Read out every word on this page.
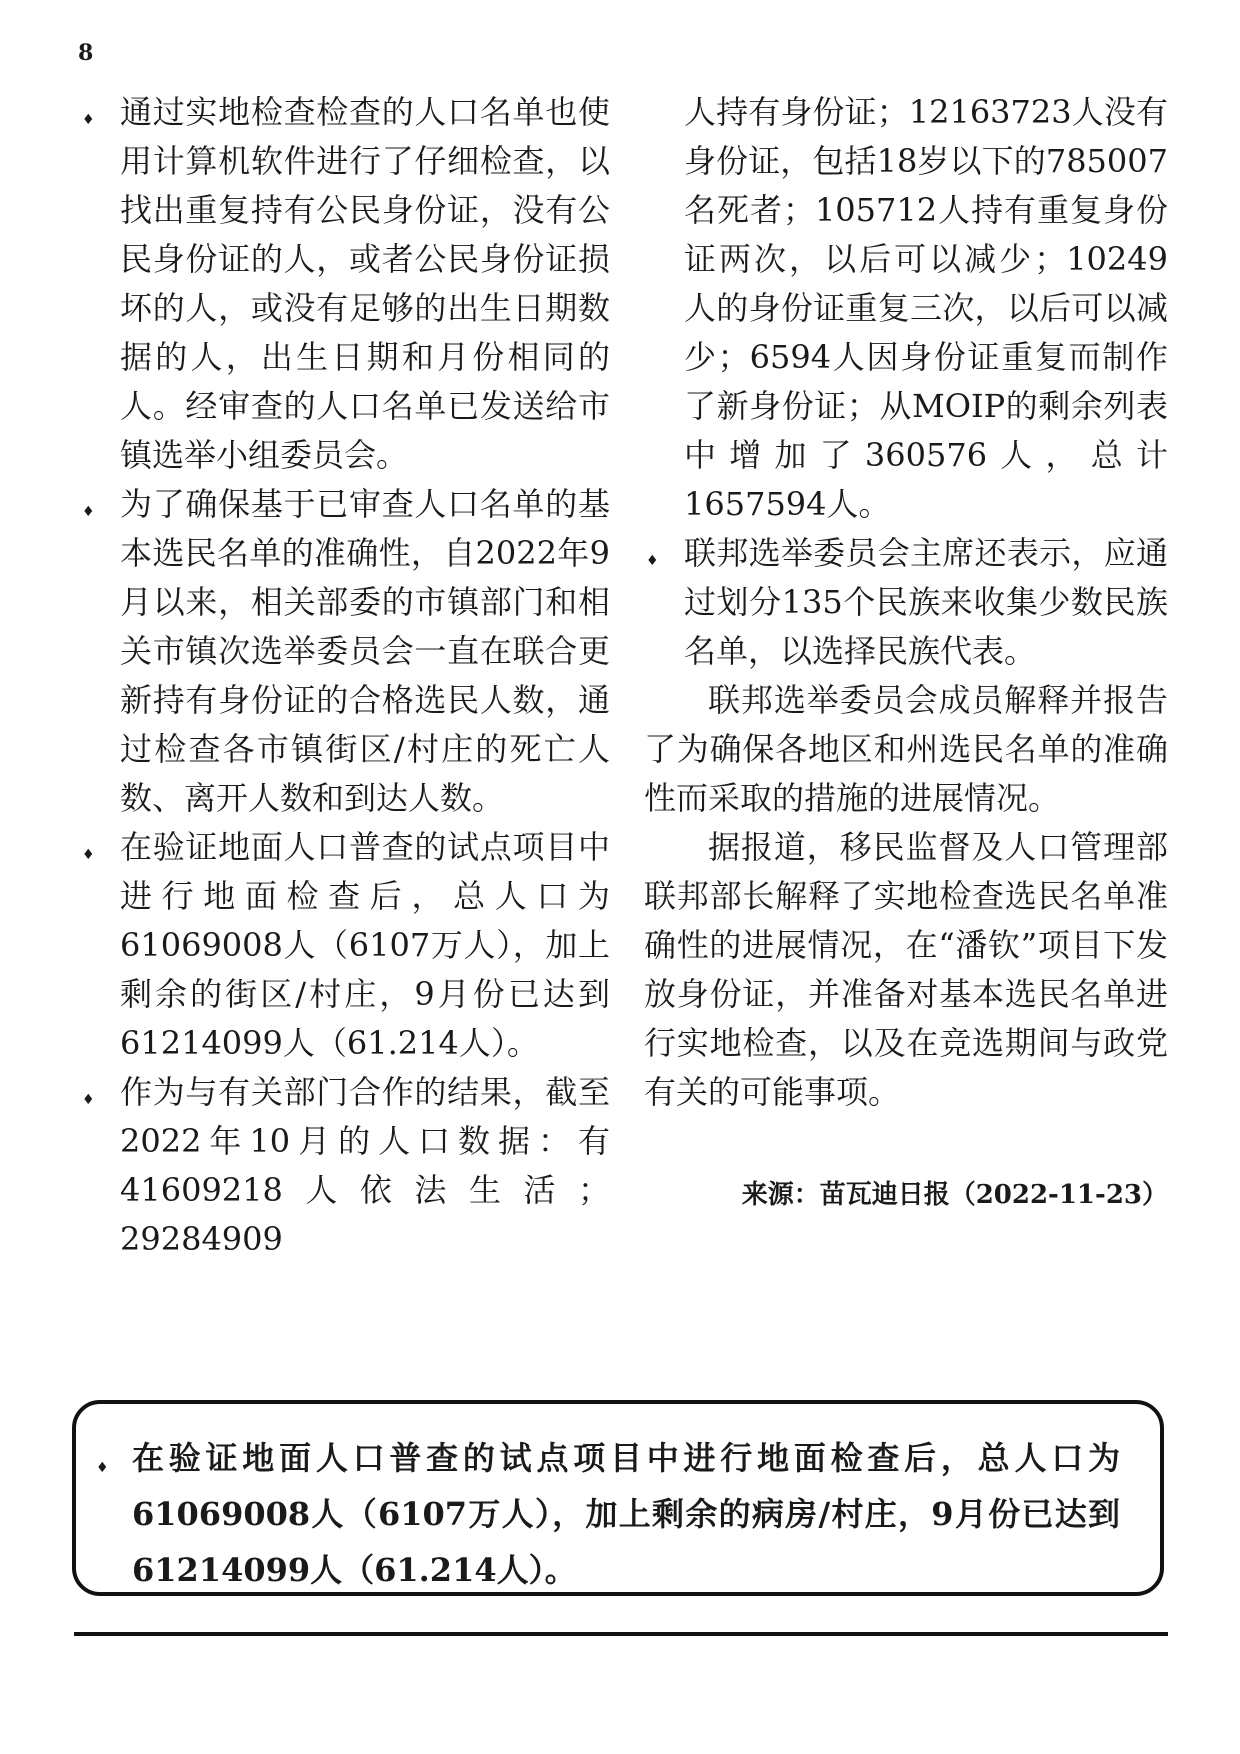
8
♦ 通过实地检查检查的人口名单也使用计算机软件进行了仔细检查，以找出重复持有公民身份证，没有公民身份证的人，或者公民身份证损坏的人，或没有足够的出生日期数据的人，出生日期和月份相同的人。经审查的人口名单已发送给市镇选举小组委员会。
♦ 为了确保基于已审查人口名单的基本选民名单的准确性，自2022年9月以来，相关部委的市镇部门和相关市镇次选举委员会一直在联合更新持有身份证的合格选民人数，通过检查各市镇街区/村庄的死亡人数、离开人数和到达人数。
♦ 在验证地面人口普查的试点项目中进行地面检查后，总人口为61069008人（6107万人），加上剩余的街区/村庄，9月份已达到61214099人（61.214人）。
♦ 作为与有关部门合作的结果，截至2022年10月的人口数据：有41609218人依法生活；29284909
人持有身份证；12163723人没有身份证，包括18岁以下的785007名死者；105712人持有重复身份证两次，以后可以减少；10249人的身份证重复三次，以后可以减少；6594人因身份证重复而制作了新身份证；从MOIP的剩余列表中增加了360576人，总计1657594人。
♦ 联邦选举委员会主席还表示，应通过划分135个民族来收集少数民族名单，以选择民族代表。
联邦选举委员会成员解释并报告了为确保各地区和州选民名单的准确性而采取的措施的进展情况。
据报道，移民监督及人口管理部联邦部长解释了实地检查选民名单准确性的进展情况，在“潘钦”项目下发放身份证，并准备对基本选民名单进行实地检查，以及在竞选期间与政党有关的可能事项。
来源：苗瓦迪日报（2022-11-23）
♦ 在验证地面人口普查的试点项目中进行地面检查后，总人口为61069008人（6107万人），加上剩余的病房/村庄，9月份已达到61214099人（61.214人）。
